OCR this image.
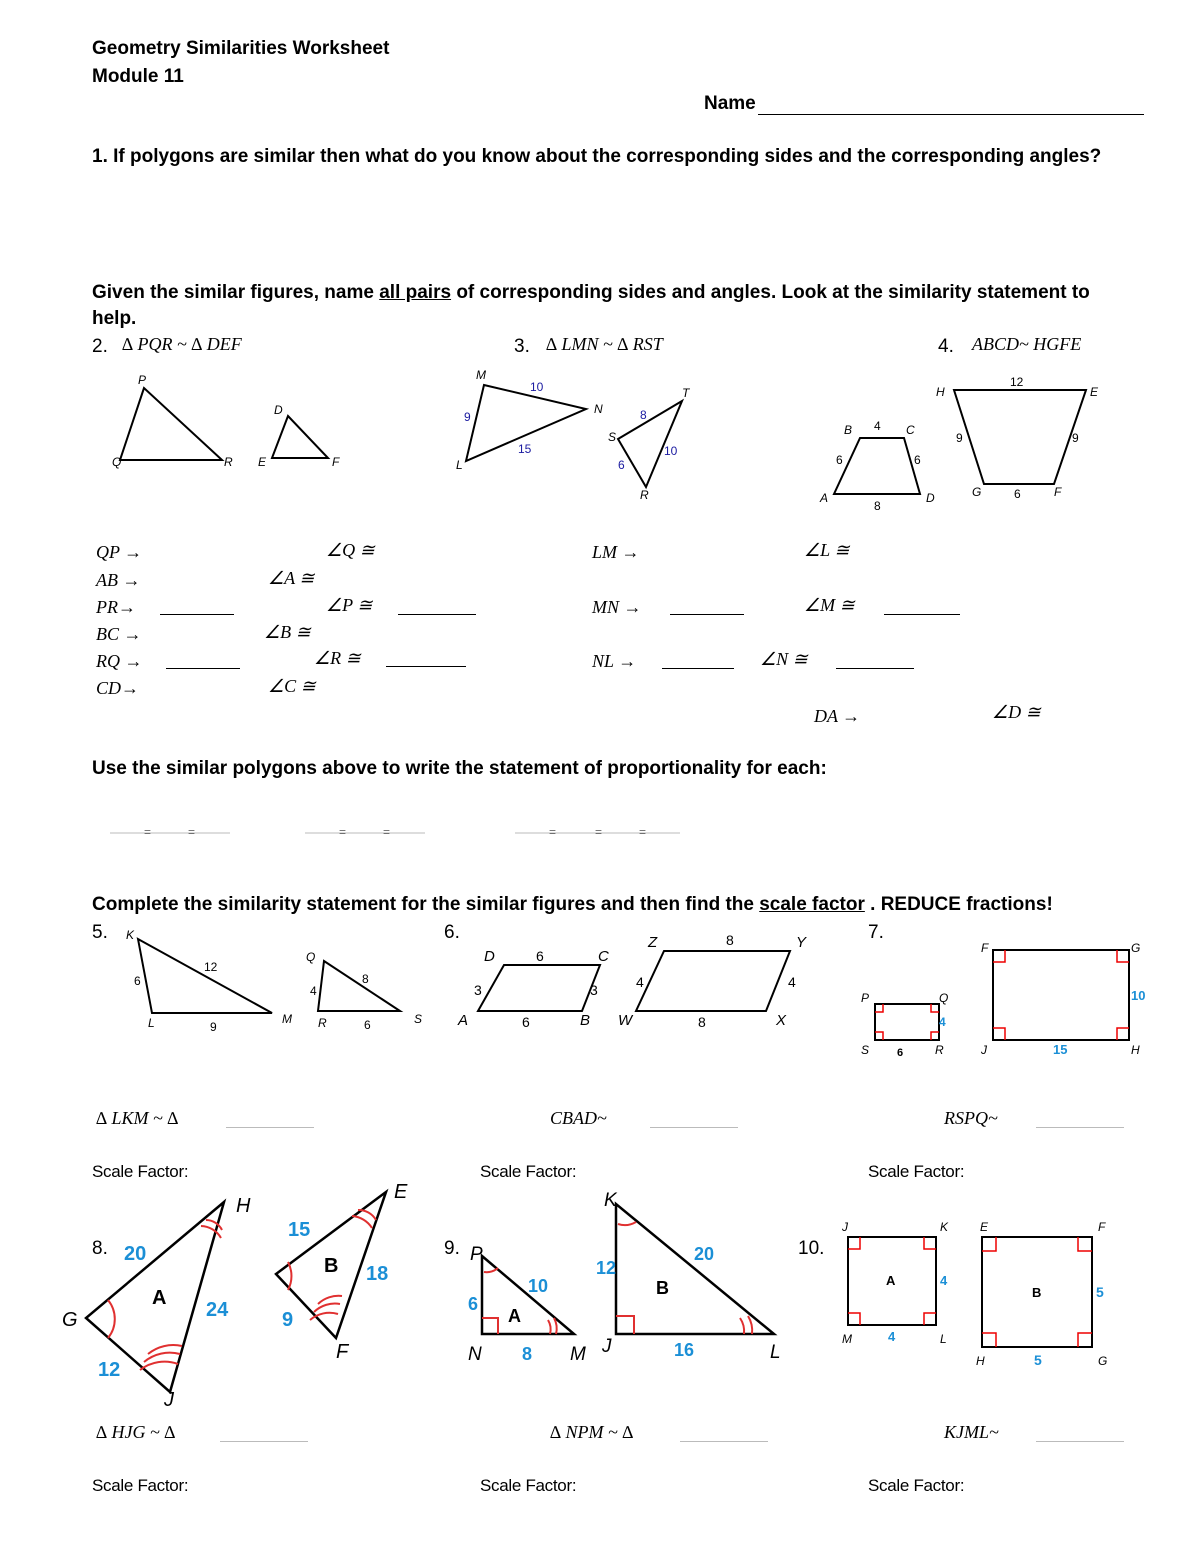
Geometry Similarities Worksheet
Module 11
Name
1. If polygons are similar then what do you know about the corresponding sides and the corresponding angles?
Given the similar figures, name all pairs of corresponding sides and angles. Look at the similarity statement to
help.
2. ∆ PQR ~ ∆ DEF	3. ∆ LMN ~ ∆ RST	4. ABCD~ HGFE
P
Q	R
D
E	F
M
N
L
T
S
R
10
9
15
8
6
10
H	E
G	F
B	C
A	D
12
9	9
6
4
6	6
8
QP →	∠Q ≅
AB →	∠A ≅
PR→	∠P ≅
BC →	∠B ≅
RQ →	∠R ≅
CD→	∠C ≅
LM →	∠L ≅
MN →	∠M ≅
NL →	∠N ≅
DA →	∠D ≅
Use the similar polygons above to write the statement of proportionality for each:
=	=	=	=	=	=	=
Complete the similarity statement for the similar figures and then find the scale factor . REDUCE fractions!
5.	6.	7.
K
L	M
Q
R	S
6
12
9
4
8
6
D	C
A	B
Z	Y
W	X
6
3	3
6
8
4	4
8
P	Q
S	R
F	G
J	H
4
6
10
15
∆ LKM ~ ∆	CBAD~	RSPQ~
Scale Factor:	Scale Factor:	Scale Factor:
8.	9.	10.
H
G
J
A
E
B
F
20
24
12
15
18
9
P
A
N	M
K
B
J	L
10
6
8
12
20
16
J	K
A
M	L
E	F
B
H	G
4
4
5
5
∆ HJG ~ ∆	∆ NPM ~ ∆	KJML~
Scale Factor:	Scale Factor:	Scale Factor:
